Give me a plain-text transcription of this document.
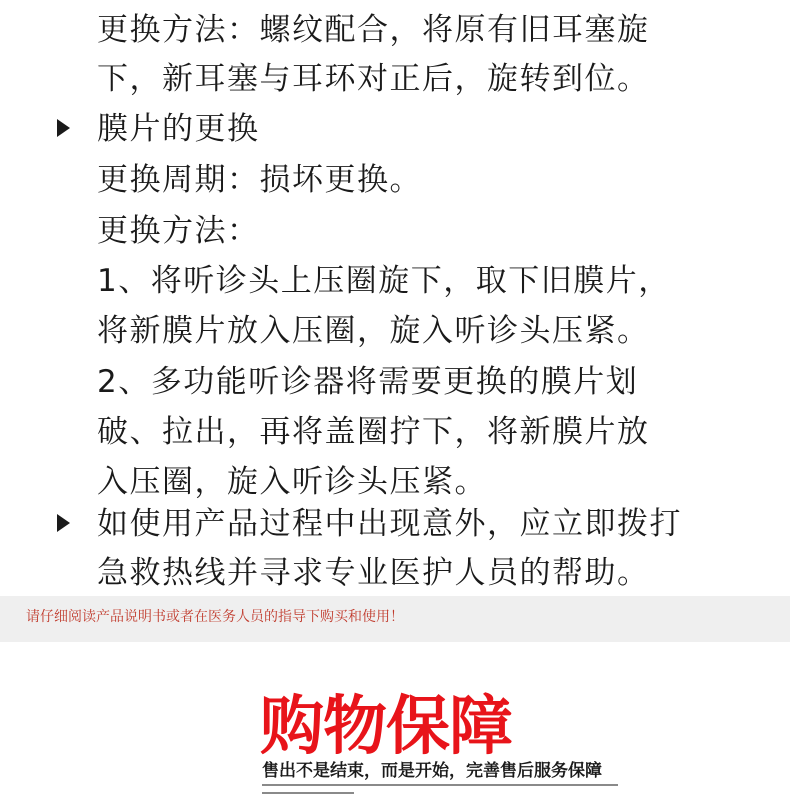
更换方法：螺纹配合，将原有旧耳塞旋
下，新耳塞与耳环对正后，旋转到位。
膜片的更换
更换周期：损坏更换。
更换方法：
1、将听诊头上压圈旋下，取下旧膜片，
将新膜片放入压圈，旋入听诊头压紧。
2、多功能听诊器将需要更换的膜片划
破、拉出，再将盖圈拧下，将新膜片放
入压圈，旋入听诊头压紧。
如使用产品过程中出现意外，应立即拨打
急救热线并寻求专业医护人员的帮助。
请仔细阅读产品说明书或者在医务人员的指导下购买和使用！
购物保障
售出不是结束，而是开始，完善售后服务保障
